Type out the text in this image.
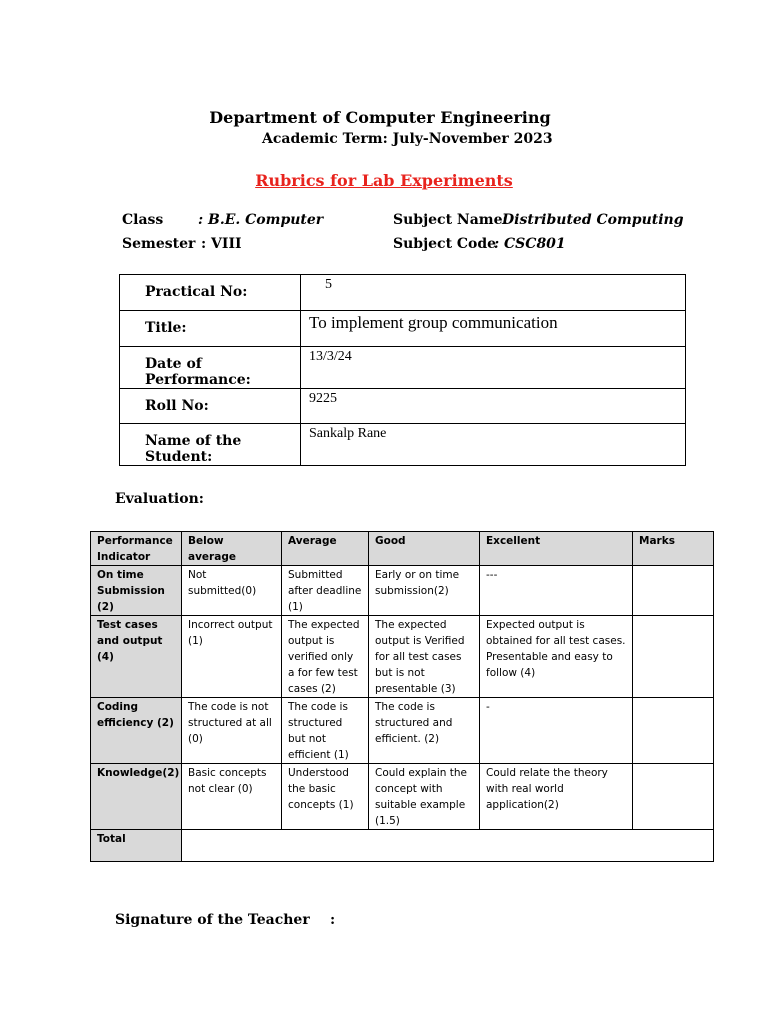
Department of Computer Engineering
Academic Term: July-November 2023
Rubrics for Lab Experiments
Class : B.E. Computer
Semester : VIII
Subject Name:
Distributed Computing
Subject Code
: CSC801
Practical No:	5
Title:	To implement group communication
Date of Performance:	13/3/24
Roll No:	9225
Name of the Student:	Sankalp Rane
Evaluation:
Performance Indicator	Below average	Average	Good	Excellent	Marks
On time Submission (2)	Not submitted(0)	Submitted after deadline (1)	Early or on time submission(2)	---	
Test cases and output (4)	Incorrect output (1)	The expected output is verified only a for few test cases (2)	The expected output is Verified for all test cases but is not presentable (3)	Expected output is obtained for all test cases. Presentable and easy to follow (4)	
Coding efficiency (2)	The code is not structured at all (0)	The code is structured but not efficient (1)	The code is structured and efficient. (2)	-	
Knowledge(2)	Basic concepts not clear (0)	Understood the basic concepts (1)	Could explain the concept with suitable example (1.5)	Could relate the theory with real world application(2)	
Total					
Signature of the Teacher :
